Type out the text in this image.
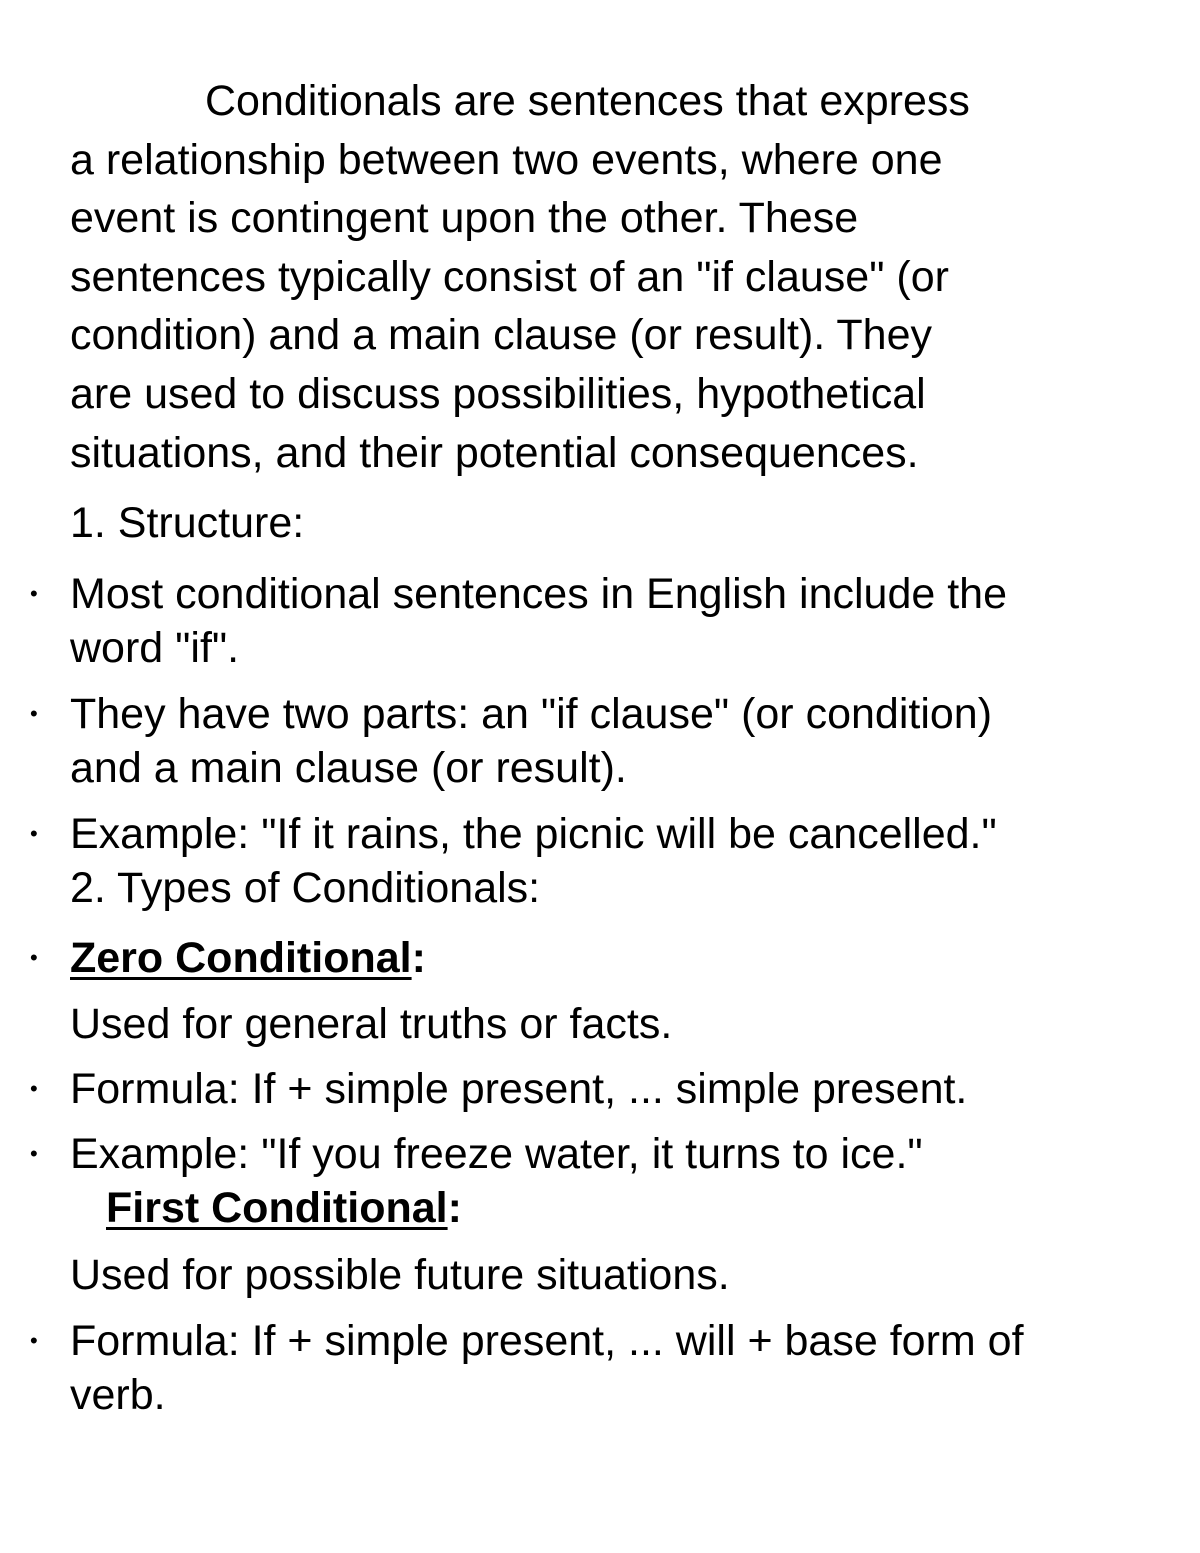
Conditionals are sentences that express
a relationship between two events, where one
event is contingent upon the other. These
sentences typically consist of an "if clause" (or
condition) and a main clause (or result). They
are used to discuss possibilities, hypothetical
situations, and their potential consequences.
1. Structure:
•
Most conditional sentences in English include the
word "if".
•
They have two parts: an "if clause" (or condition)
and a main clause (or result).
•
Example: "If it rains, the picnic will be cancelled."
2. Types of Conditionals:
•
Zero Conditional:
Used for general truths or facts.
•
Formula: If + simple present, ... simple present.
•
Example: "If you freeze water, it turns to ice."
First Conditional:
Used for possible future situations.
•
Formula: If + simple present, ... will + base form of
verb.
